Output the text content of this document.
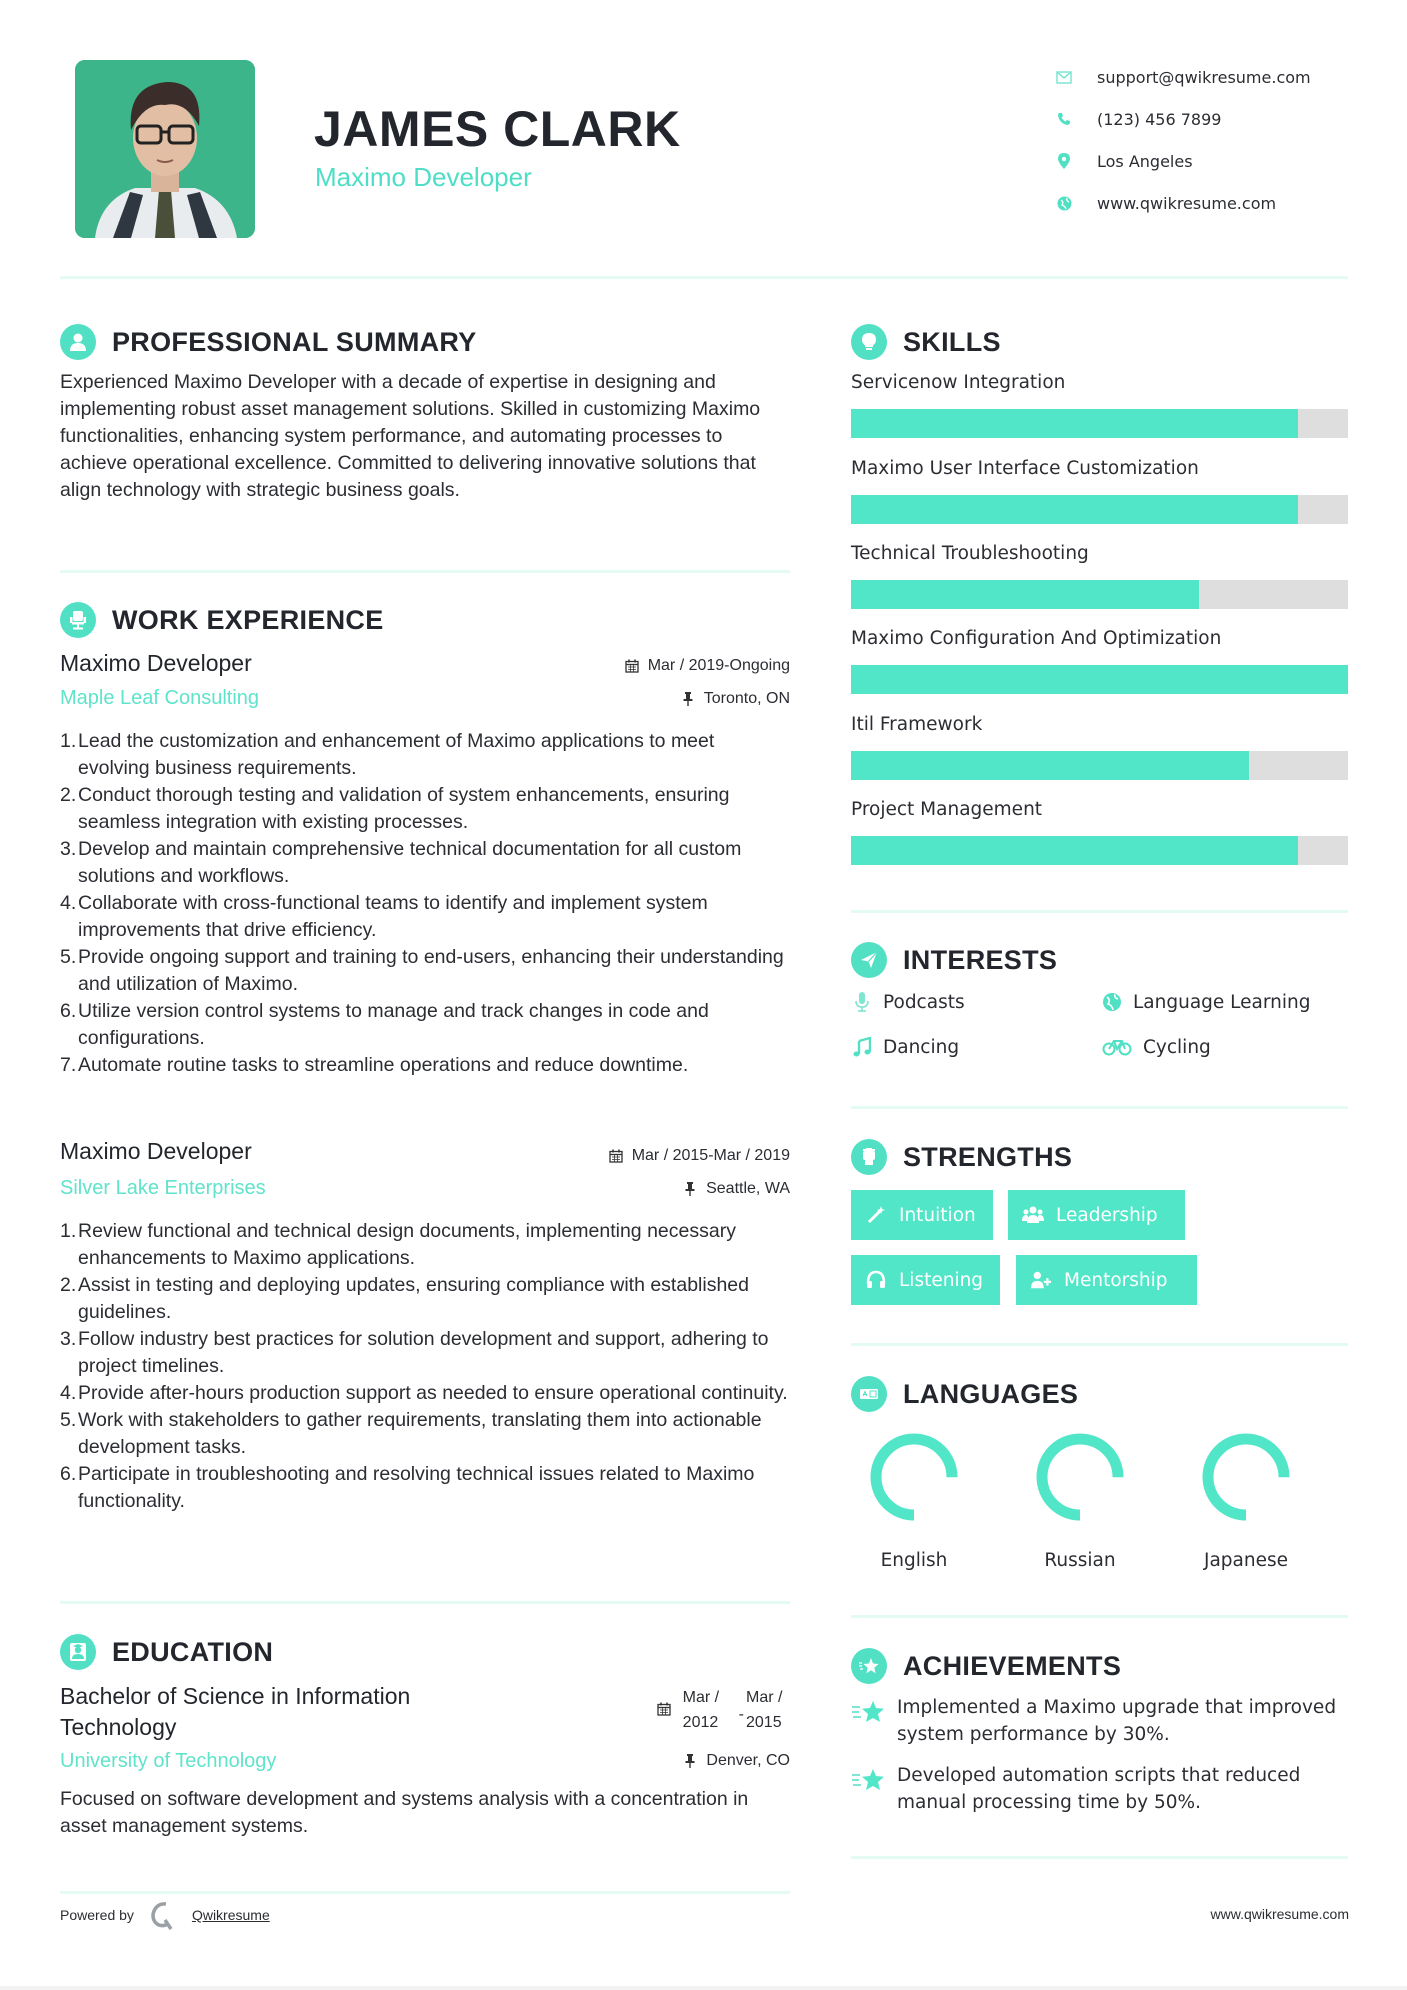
JAMES CLARK
Maximo Developer
support@qwikresume.com
(123) 456 7899
Los Angeles
www.qwikresume.com
PROFESSIONAL SUMMARY

Experienced Maximo Developer with a decade of expertise in designing and implementing robust asset management solutions. Skilled in customizing Maximo functionalities, enhancing system performance, and automating processes to achieve operational excellence. Committed to delivering innovative solutions that align technology with strategic business goals.

WORK EXPERIENCE
Maximo Developer	Mar / 2019-Ongoing
Maple Leaf Consulting	Toronto, ON
1. Lead the customization and enhancement of Maximo applications to meet evolving business requirements.
2. Conduct thorough testing and validation of system enhancements, ensuring seamless integration with existing processes.
3. Develop and maintain comprehensive technical documentation for all custom solutions and workflows.
4. Collaborate with cross-functional teams to identify and implement system improvements that drive efficiency.
5. Provide ongoing support and training to end-users, enhancing their understanding and utilization of Maximo.
6. Utilize version control systems to manage and track changes in code and configurations.
7. Automate routine tasks to streamline operations and reduce downtime.
Maximo Developer	Mar / 2015-Mar / 2019
Silver Lake Enterprises	Seattle, WA
1. Review functional and technical design documents, implementing necessary enhancements to Maximo applications.
2. Assist in testing and deploying updates, ensuring compliance with established guidelines.
3. Follow industry best practices for solution development and support, adhering to project timelines.
4. Provide after-hours production support as needed to ensure operational continuity.
5. Work with stakeholders to gather requirements, translating them into actionable development tasks.
6. Participate in troubleshooting and resolving technical issues related to Maximo functionality.
EDUCATION
Bachelor of Science in Information
Technology
Mar /
2012	-
Mar /
2015
University of Technology	Denver, CO

Focused on software development and systems analysis with a concentration in asset management systems.

SKILLS
Servicenow Integration
Maximo User Interface Customization
Technical Troubleshooting
Maximo Configuration And Optimization
Itil Framework
Project Management
INTERESTS
Podcasts	Language Learning
Dancing	Cycling
STRENGTHS
Intuition	Leadership
Listening	Mentorship
LANGUAGES
English	Russian	Japanese
ACHIEVEMENTS
Implemented a Maximo upgrade that improved system performance by 30%.
Developed automation scripts that reduced manual processing time by 50%.
Powered by	Qwikresume	www.qwikresume.com
